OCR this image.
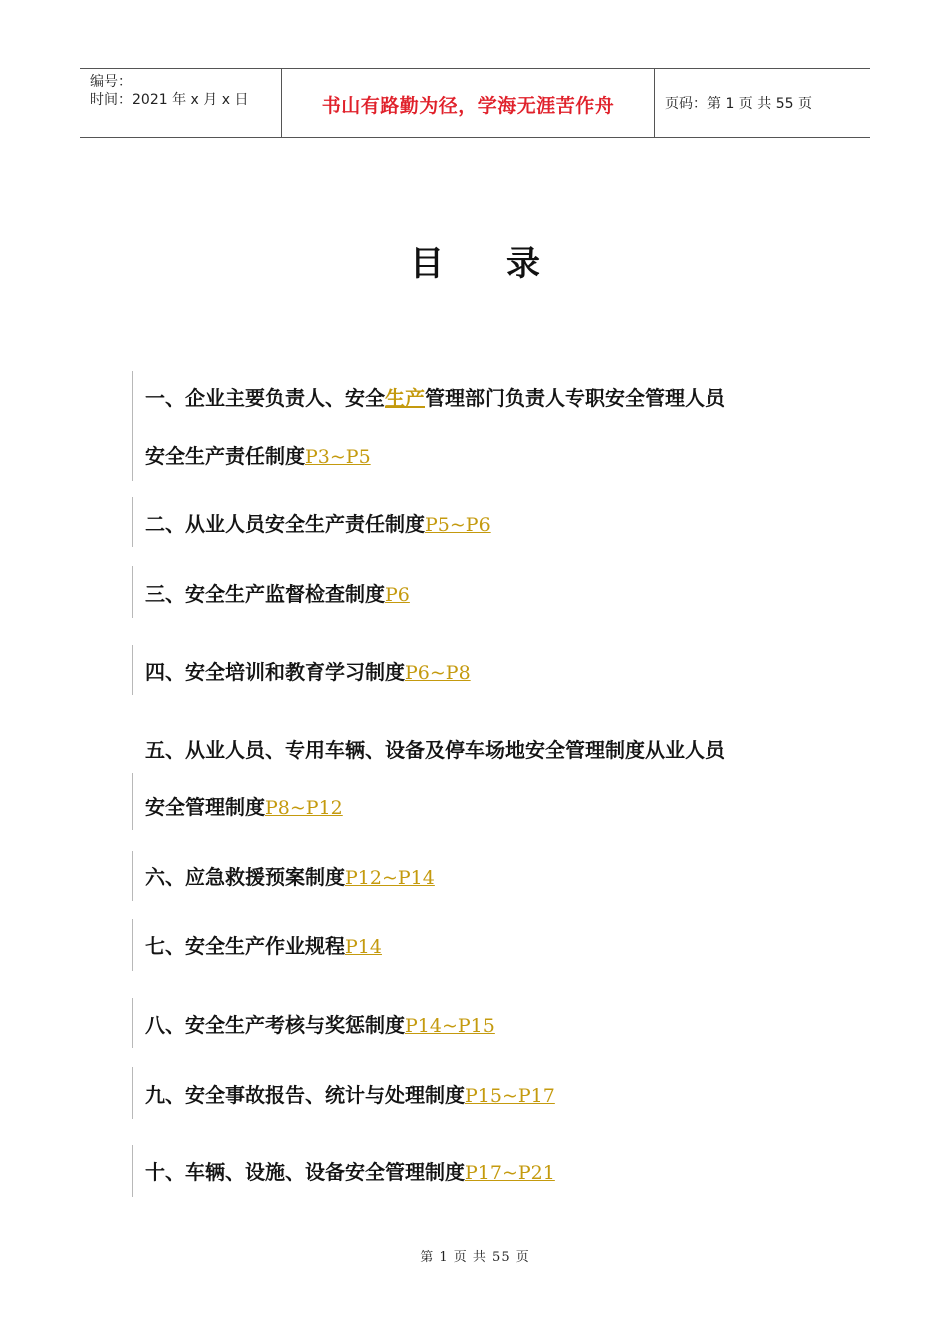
编号：
时间：2021 年 x 月 x 日	书山有路勤为径，学海无涯苦作舟	页码：第 1 页 共 55 页
目 录
一、企业主要负责人、安全生产管理部门负责人专职安全管理人员
安全生产责任制度P3~P5
二、从业人员安全生产责任制度P5~P6
三、安全生产监督检查制度P6
四、安全培训和教育学习制度P6~P8
五、从业人员、专用车辆、设备及停车场地安全管理制度从业人员
安全管理制度P8~P12
六、应急救援预案制度P12~P14
七、安全生产作业规程P14
八、安全生产考核与奖惩制度P14~P15
九、安全事故报告、统计与处理制度P15~P17
十、车辆、设施、设备安全管理制度P17~P21
第 1 页 共 55 页
